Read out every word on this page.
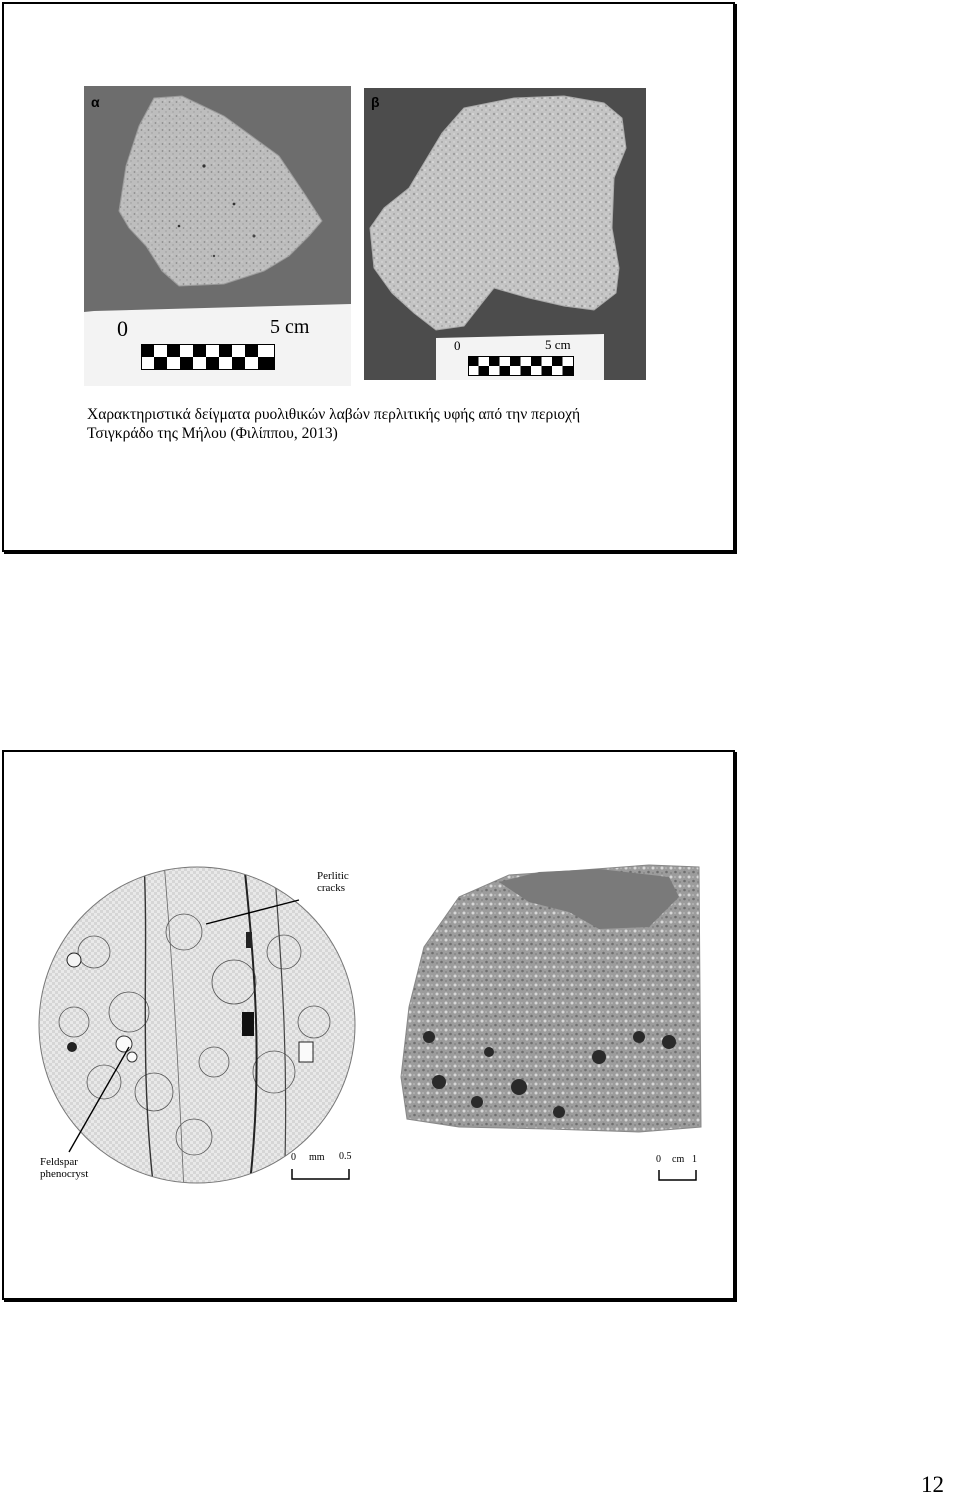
0	5 cm
α
0	5 cm
β
Χαρακτηριστικά δείγματα ρυολιθικών λαβών περλιτικής υφής από την περιοχή
Τσιγκράδο της Μήλου (Φιλίππου, 2013)
Perlitic
cracks
Feldspar
phenocryst
0 mm 0.5	0 cm 1
12
